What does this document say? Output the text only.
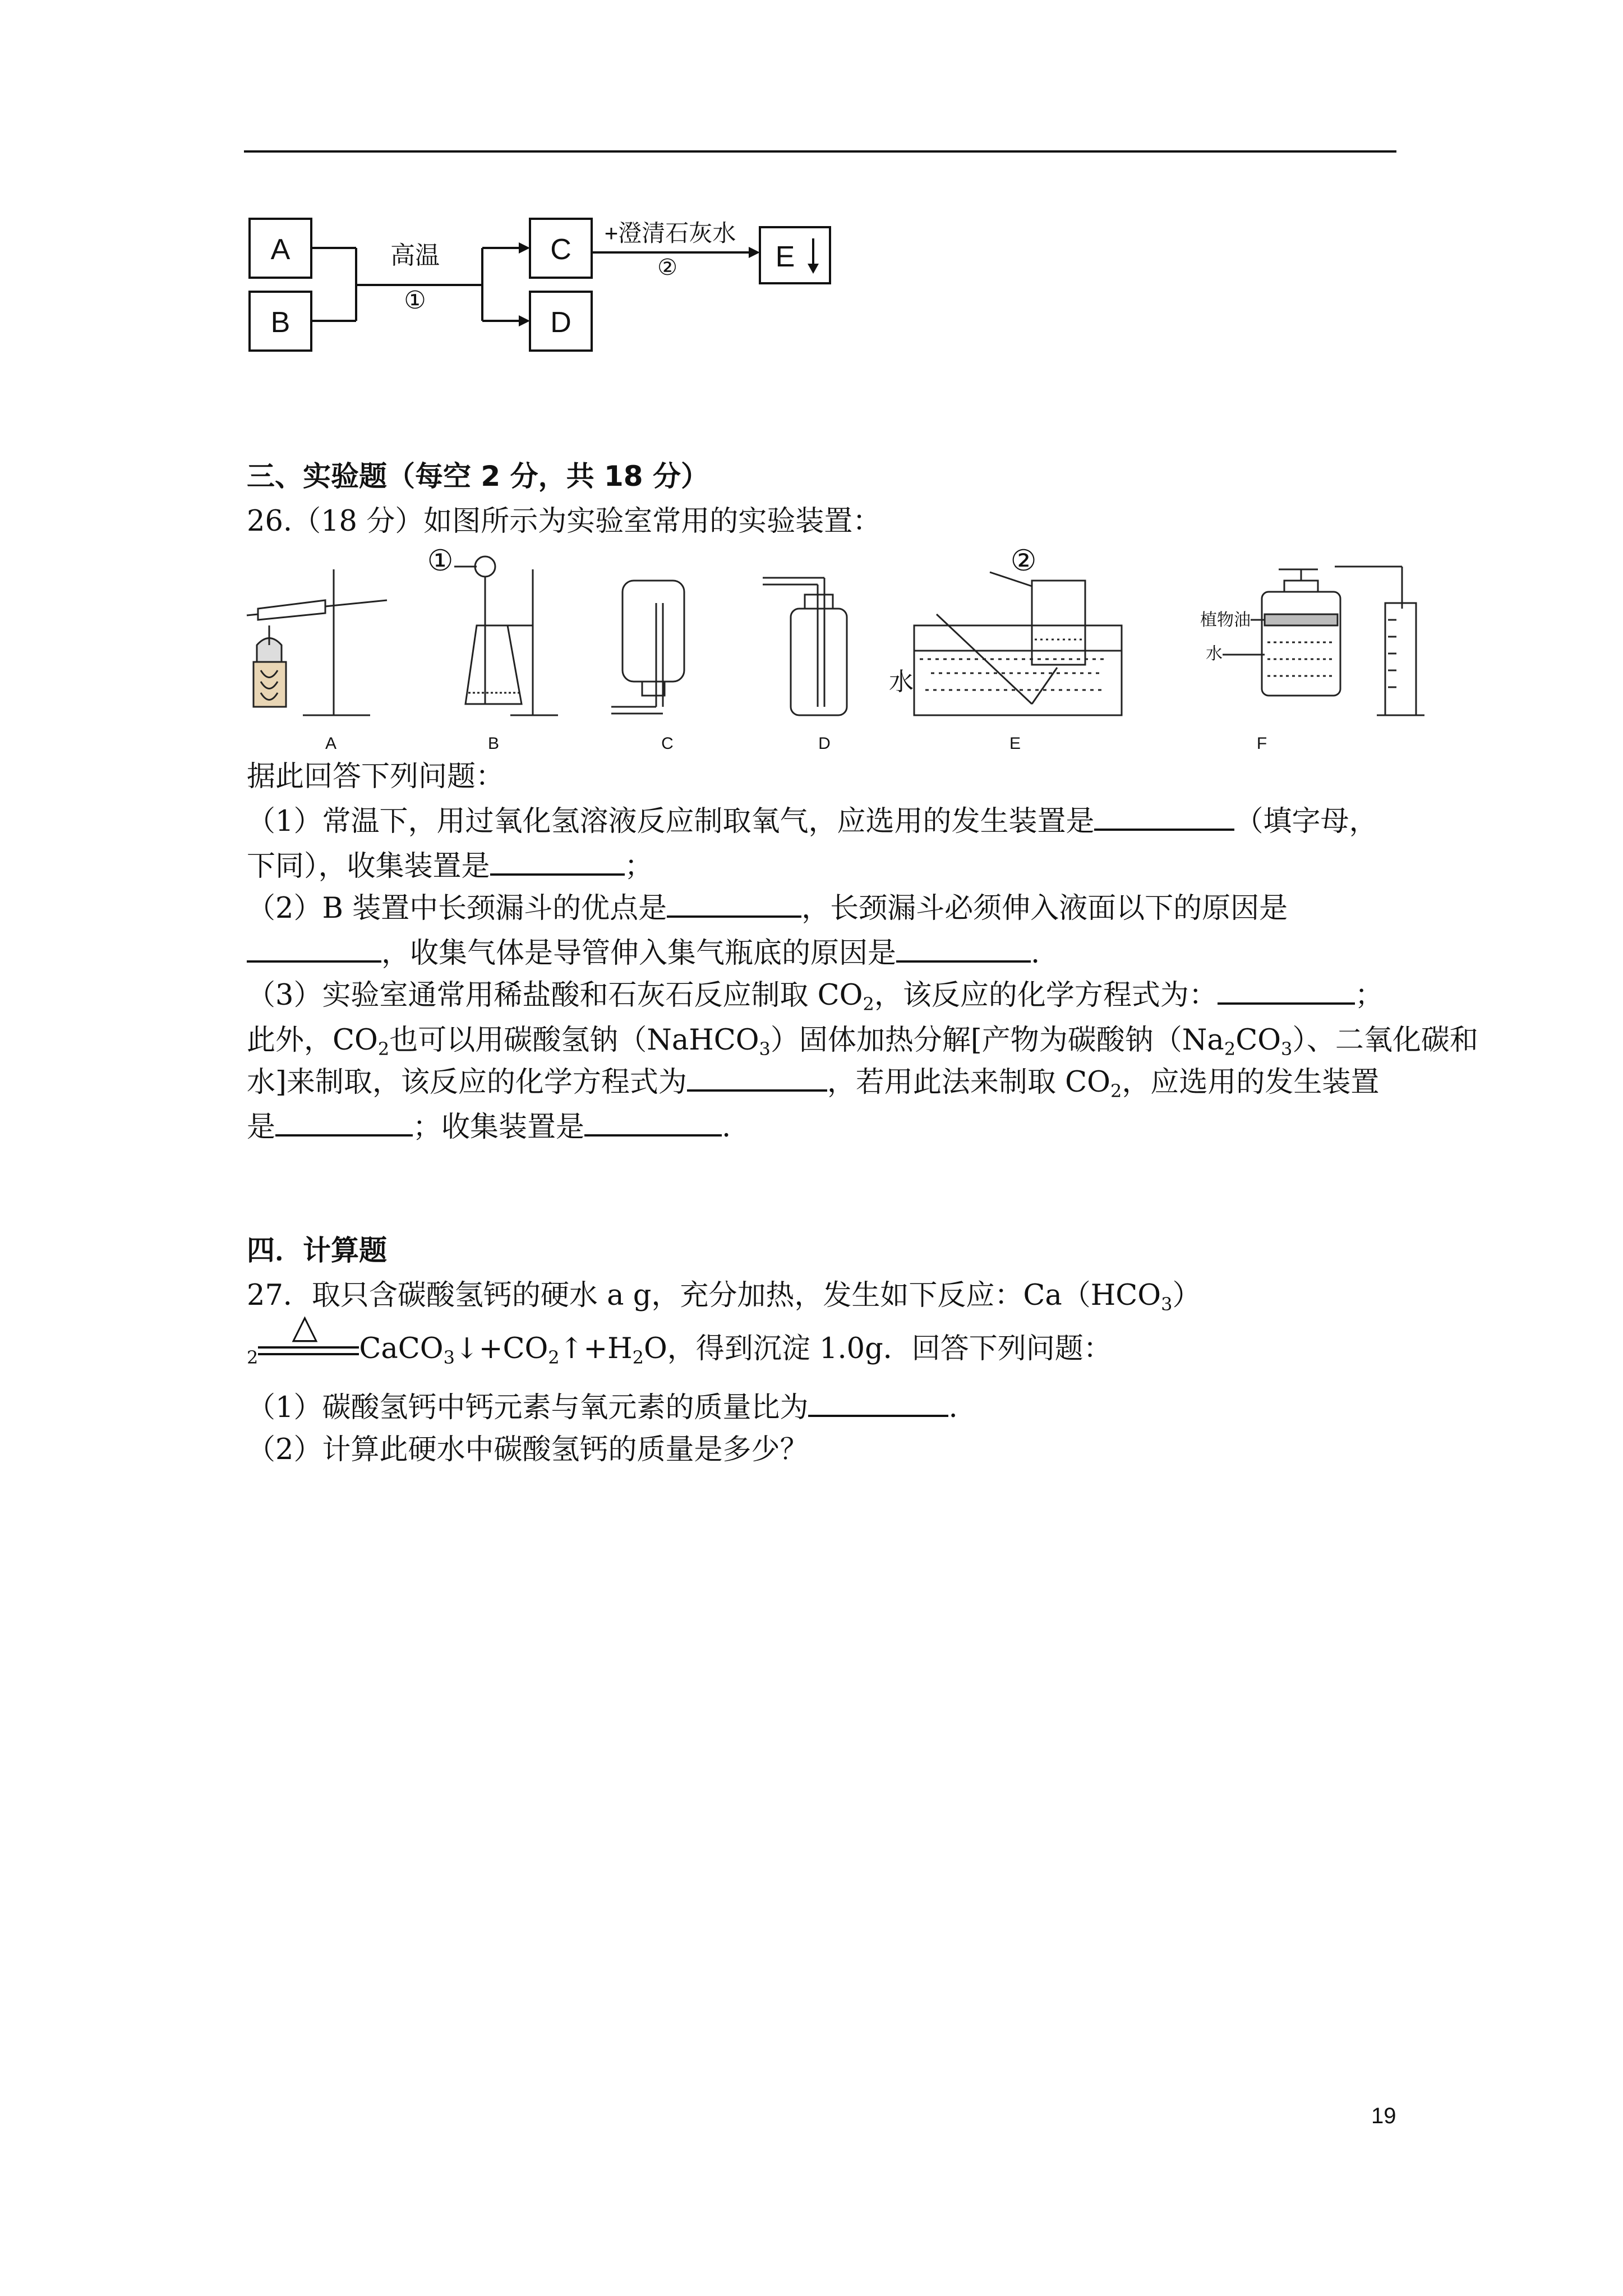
A
B
C
D
E
高温
①
+澄清石灰水
②
三、实验题（每空 2 分，共 18 分）
26.（18 分）如图所示为实验室常用的实验装置：
A	B	C	D	E	F
①	②
水
植物油
水
据此回答下列问题：
（1）常温下，用过氧化氢溶液反应制取氧气，应选用的发生装置是	（填字母，
下同），收集装置是	；
（2）B 装置中长颈漏斗的优点是	，长颈漏斗必须伸入液面以下的原因是
，收集气体是导管伸入集气瓶底的原因是	.
（3）实验室通常用稀盐酸和石灰石反应制取 $CO_2$，该反应的化学方程式为：	；
此外，$CO_2$也可以用碳酸氢钠（NaHCO$_3$）固体加热分解[产物为碳酸钠$(Na_2CO_3)$、二氧化碳和
水]来制取，该反应的化学方程式为	，若用此法来制取 $CO_2$，应选用的发生装置
是	；收集装置是	.
四．计算题
27．取只含碳酸氢钙的硬水 a g，充分加热，发生如下反应：$Ca(HCO_3)$
$_2$
△
$CaCO_3↓+CO_2↑+H_2O$，得到沉淀 1.0g．回答下列问题：
（1）碳酸氢钙中钙元素与氧元素的质量比为	.
（2）计算此硬水中碳酸氢钙的质量是多少？
19
